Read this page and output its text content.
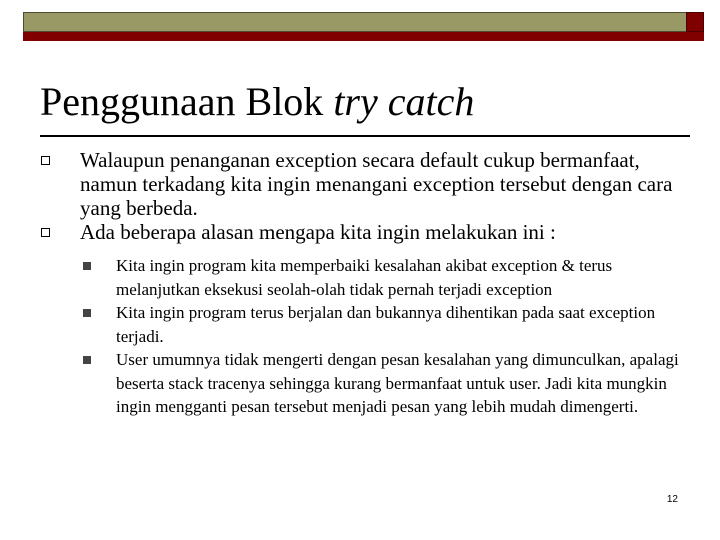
Penggunaan Blok try catch
Walaupun penanganan exception secara default cukup bermanfaat, namun terkadang kita ingin menangani exception tersebut dengan cara yang berbeda.
Ada beberapa alasan mengapa kita ingin melakukan ini :
Kita ingin program kita memperbaiki kesalahan akibat exception & terus melanjutkan eksekusi seolah-olah tidak pernah terjadi exception
Kita ingin program terus berjalan dan bukannya dihentikan pada saat exception terjadi.
User umumnya tidak mengerti dengan pesan kesalahan yang dimunculkan, apalagi beserta stack tracenya sehingga kurang bermanfaat untuk user. Jadi kita mungkin ingin mengganti pesan tersebut menjadi pesan yang lebih mudah dimengerti.
12
